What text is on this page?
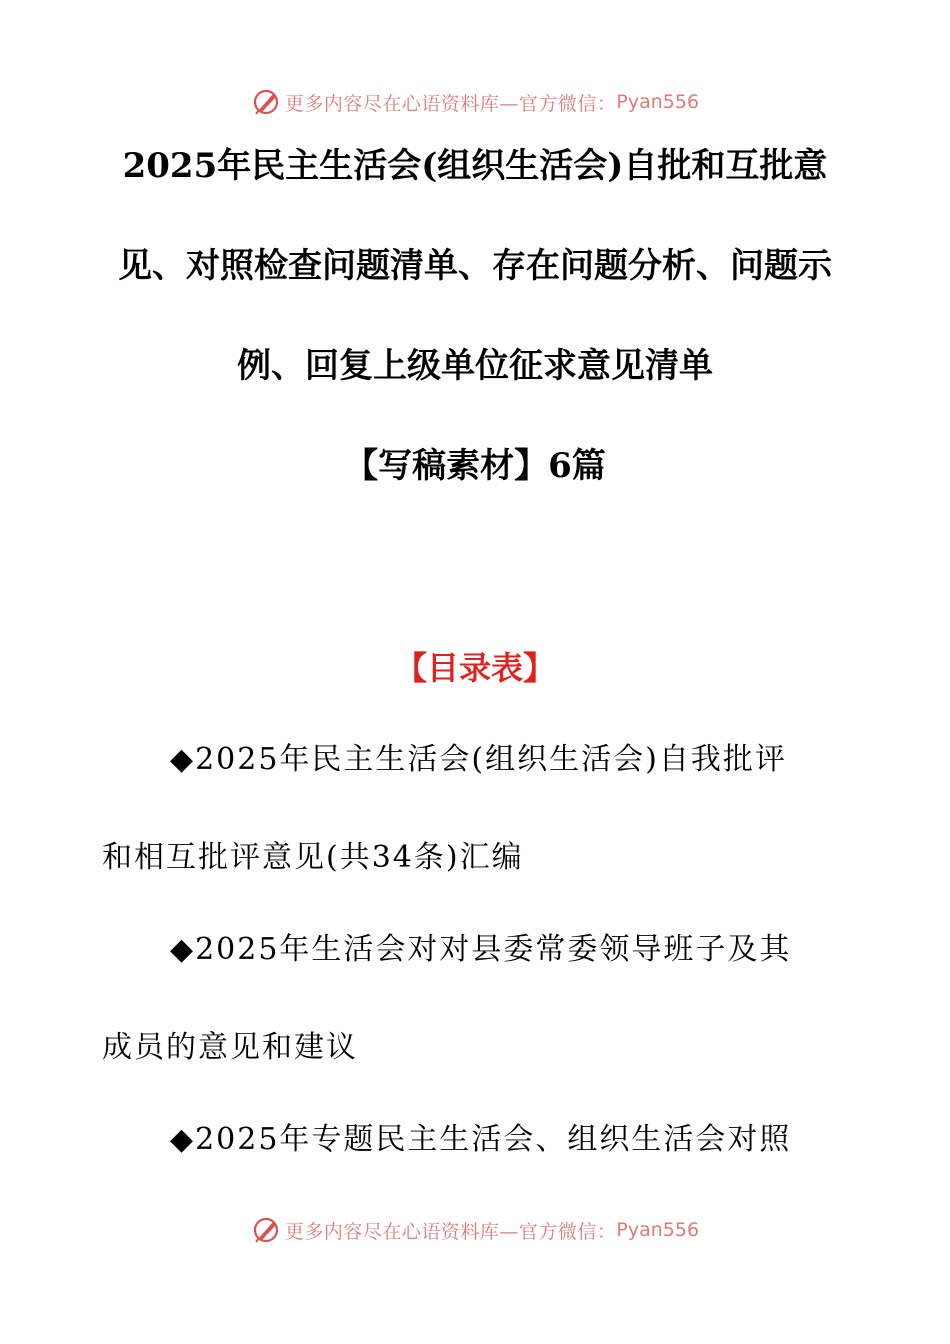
更多内容尽在心语资料库—官方微信： Pyan556

2025年民主生活会(组织生活会)自批和互批意

见、对照检查问题清单、存在问题分析、问题示

例、回复上级单位征求意见清单

【写稿素材】6篇

【目录表】

◆2025年民主生活会(组织生活会)自我批评

和相互批评意见(共34条)汇编

◆2025年生活会对对县委常委领导班子及其

成员的意见和建议

◆2025年专题民主生活会、组织生活会对照

更多内容尽在心语资料库—官方微信： Pyan556
